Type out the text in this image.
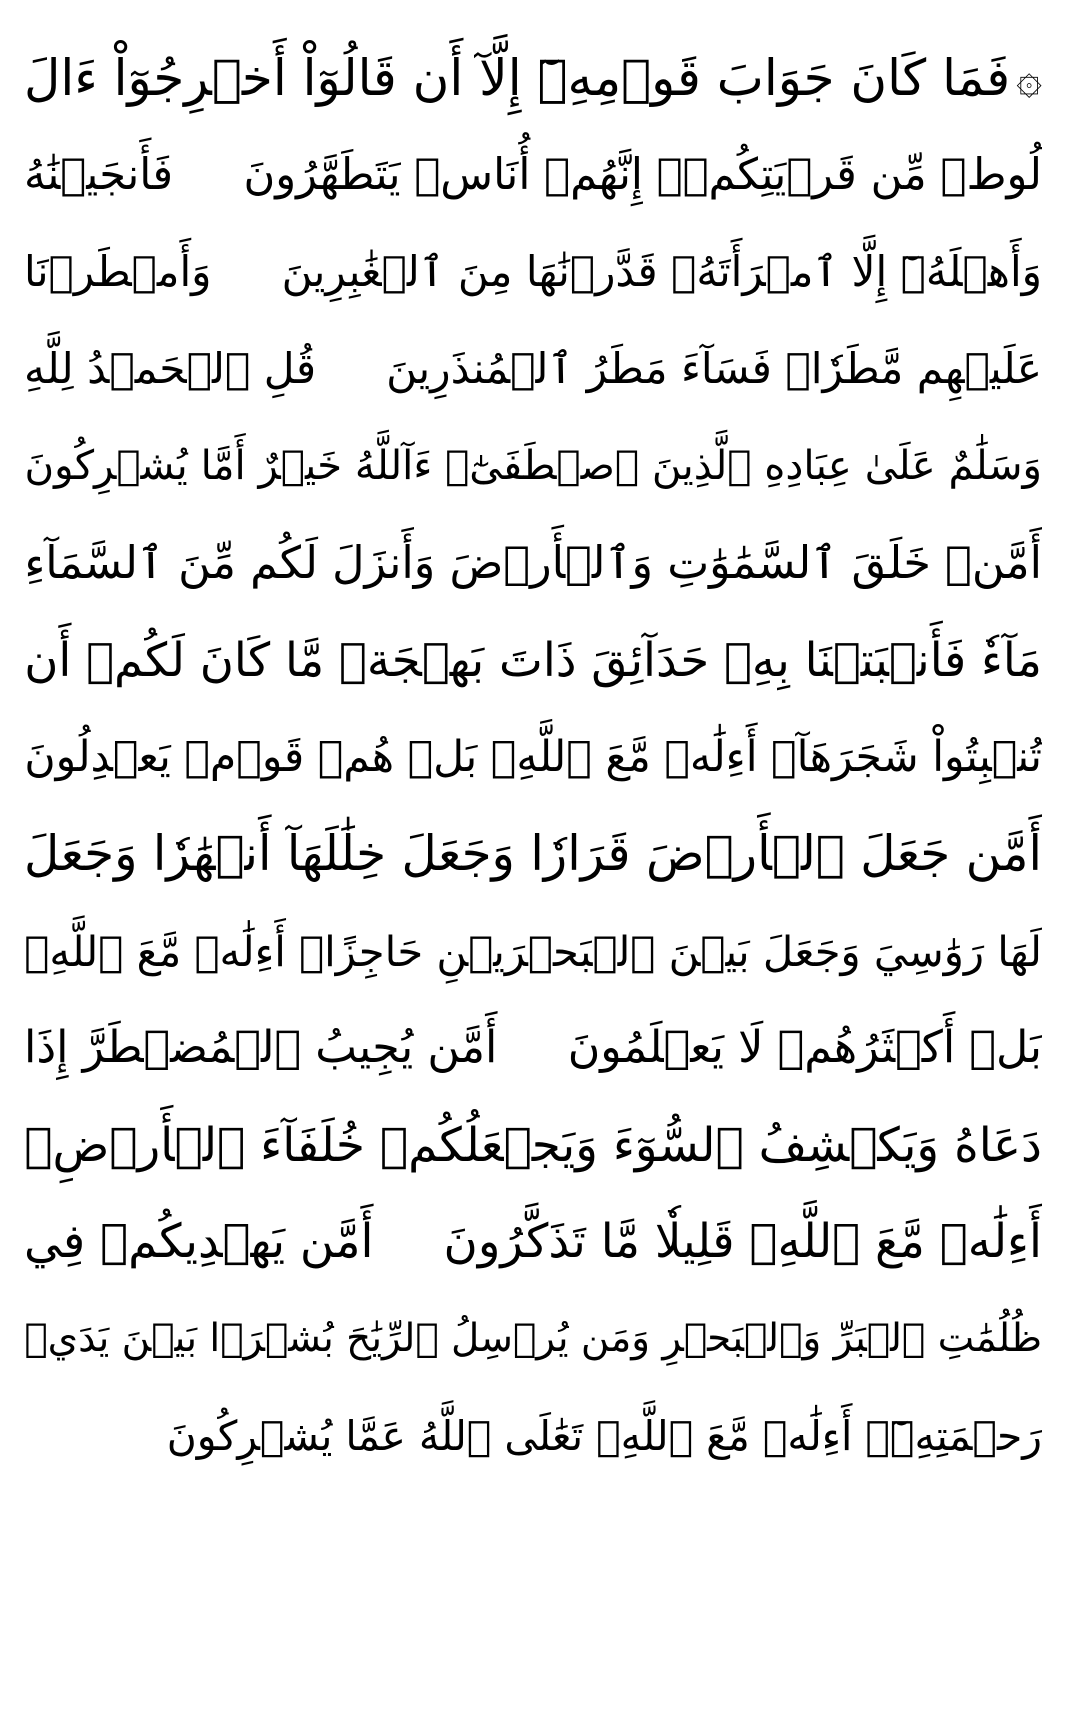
۞
فَمَا كَانَ جَوَابَ قَوۡمِهِۦٓ إِلَّآ أَن قَالُوٓاْ أَخۡرِجُوٓاْ ءَالَ
لُوطٖ مِّن قَرۡيَتِكُمۡۖ إِنَّهُمۡ أُنَاسٞ يَتَطَهَّرُونَ
فَأَنجَيۡنَٰهُ
وَأَهۡلَهُۥٓ إِلَّا ٱمۡرَأَتَهُۥ قَدَّرۡنَٰهَا مِنَ ٱلۡغَٰبِرِينَ
وَأَمۡطَرۡنَا
عَلَيۡهِم مَّطَرٗاۖ فَسَآءَ مَطَرُ ٱلۡمُنذَرِينَ
قُلِ ٱلۡحَمۡدُ لِلَّهِ
وَسَلَٰمٌ عَلَىٰ عِبَادِهِ ٱلَّذِينَ ٱصۡطَفَىٰٓۗ ءَآللَّهُ خَيۡرٌ أَمَّا يُشۡرِكُونَ
أَمَّنۡ خَلَقَ ٱلسَّمَٰوَٰتِ وَٱلۡأَرۡضَ وَأَنزَلَ لَكُم مِّنَ ٱلسَّمَآءِ
مَآءٗ فَأَنۢبَتۡنَا بِهِۦ حَدَآئِقَ ذَاتَ بَهۡجَةٖ مَّا كَانَ لَكُمۡ أَن
تُنۢبِتُواْ شَجَرَهَآۗ أَءِلَٰهٞ مَّعَ ٱللَّهِۚ بَلۡ هُمۡ قَوۡمٞ يَعۡدِلُونَ
أَمَّن جَعَلَ ٱلۡأَرۡضَ قَرَارٗا وَجَعَلَ خِلَٰلَهَآ أَنۡهَٰرٗا وَجَعَلَ
لَهَا رَوَٰسِيَ وَجَعَلَ بَيۡنَ ٱلۡبَحۡرَيۡنِ حَاجِزًاۗ أَءِلَٰهٞ مَّعَ ٱللَّهِۚ
بَلۡ أَكۡثَرُهُمۡ لَا يَعۡلَمُونَ
أَمَّن يُجِيبُ ٱلۡمُضۡطَرَّ إِذَا
دَعَاهُ وَيَكۡشِفُ ٱلسُّوٓءَ وَيَجۡعَلُكُمۡ خُلَفَآءَ ٱلۡأَرۡضِۗ
أَءِلَٰهٞ مَّعَ ٱللَّهِۚ قَلِيلٗا مَّا تَذَكَّرُونَ
أَمَّن يَهۡدِيكُمۡ فِي
ظُلُمَٰتِ ٱلۡبَرِّ وَٱلۡبَحۡرِ وَمَن يُرۡسِلُ ٱلرِّيَٰحَ بُشۡرَۢا بَيۡنَ يَدَيۡ
رَحۡمَتِهِۦٓۗ أَءِلَٰهٞ مَّعَ ٱللَّهِۚ تَعَٰلَى ٱللَّهُ عَمَّا يُشۡرِكُونَ
